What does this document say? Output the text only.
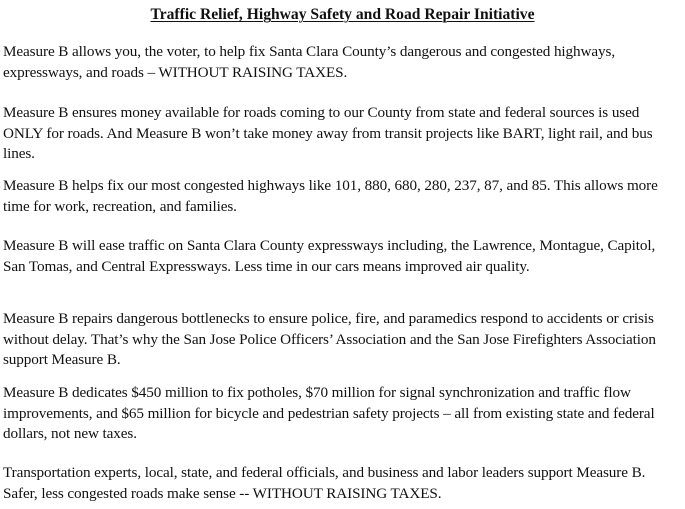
Traffic Relief, Highway Safety and Road Repair Initiative

Measure B allows you, the voter, to help fix Santa Clara County’s dangerous and congested highways, expressways, and roads – WITHOUT RAISING TAXES.

Measure B ensures money available for roads coming to our County from state and federal sources is used ONLY for roads. And Measure B won’t take money away from transit projects like BART, light rail, and bus lines.

Measure B helps fix our most congested highways like 101, 880, 680, 280, 237, 87, and 85. This allows more time for work, recreation, and families.

Measure B will ease traffic on Santa Clara County expressways including, the Lawrence, Montague, Capitol, San Tomas, and Central Expressways. Less time in our cars means improved air quality.

Measure B repairs dangerous bottlenecks to ensure police, fire, and paramedics respond to accidents or crisis without delay. That’s why the San Jose Police Officers’ Association and the San Jose Firefighters Association support Measure B.

Measure B dedicates $450 million to fix potholes, $70 million for signal synchronization and traffic flow improvements, and $65 million for bicycle and pedestrian safety projects – all from existing state and federal dollars, not new taxes.

Transportation experts, local, state, and federal officials, and business and labor leaders support Measure B. Safer, less congested roads make sense -- WITHOUT RAISING TAXES.
